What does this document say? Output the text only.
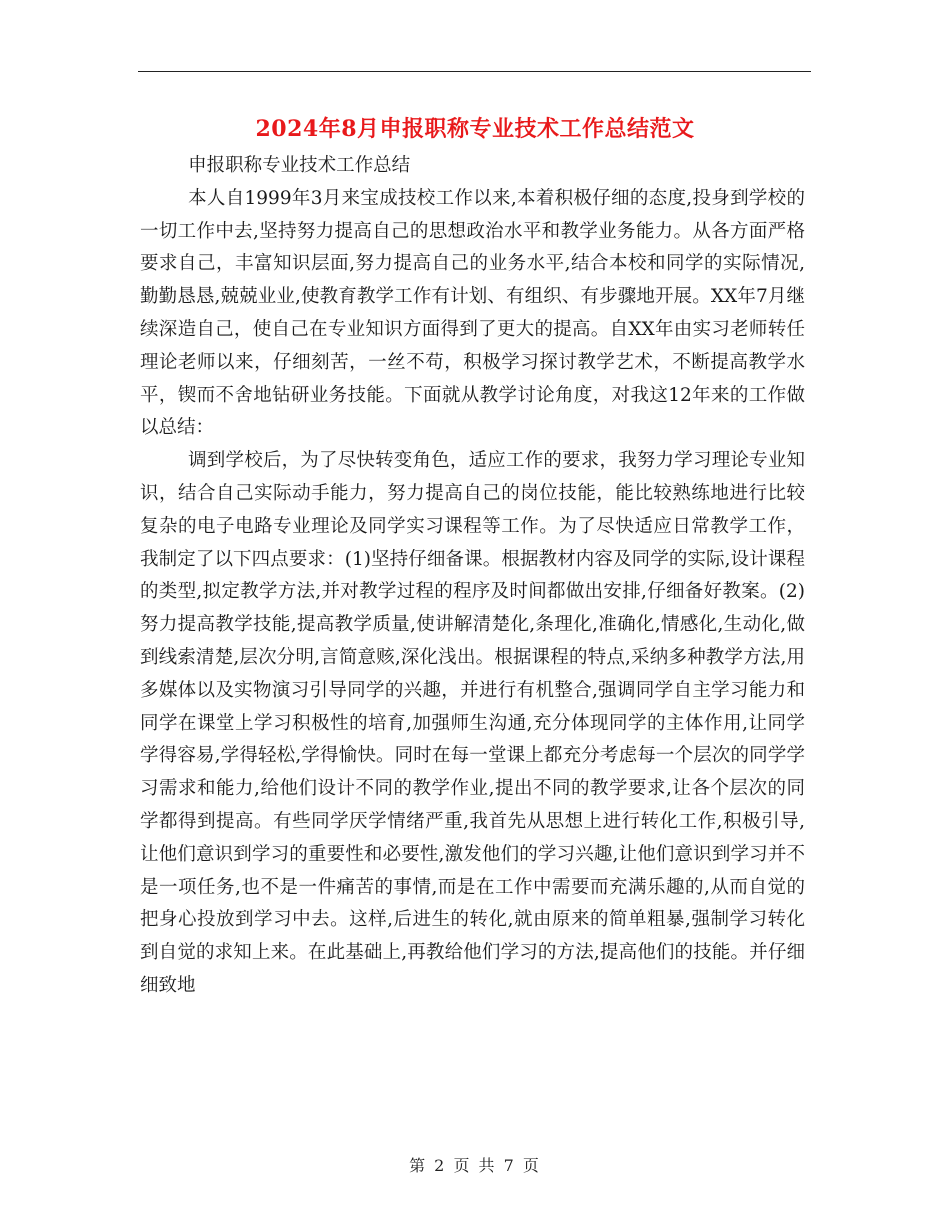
2024年8月申报职称专业技术工作总结范文

申报职称专业技术工作总结

本人自1999年3月来宝成技校工作以来,本着积极仔细的态度,投身到学校的一切工作中去,坚持努力提高自己的思想政治水平和教学业务能力。从各方面严格要求自己，丰富知识层面,努力提高自己的业务水平,结合本校和同学的实际情况,勤勤恳恳,兢兢业业,使教育教学工作有计划、有组织、有步骤地开展。XX年7月继续深造自己，使自己在专业知识方面得到了更大的提高。自XX年由实习老师转任理论老师以来，仔细刻苦，一丝不苟，积极学习探讨教学艺术，不断提高教学水平，锲而不舍地钻研业务技能。下面就从教学讨论角度，对我这12年来的工作做以总结：

调到学校后，为了尽快转变角色，适应工作的要求，我努力学习理论专业知识，结合自己实际动手能力，努力提高自己的岗位技能，能比较熟练地进行比较复杂的电子电路专业理论及同学实习课程等工作。为了尽快适应日常教学工作，我制定了以下四点要求：(1)坚持仔细备课。根据教材内容及同学的实际,设计课程的类型,拟定教学方法,并对教学过程的程序及时间都做出安排,仔细备好教案。(2)努力提高教学技能,提高教学质量,使讲解清楚化,条理化,准确化,情感化,生动化,做到线索清楚,层次分明,言简意赅,深化浅出。根据课程的特点,采纳多种教学方法,用多媒体以及实物演习引导同学的兴趣，并进行有机整合,强调同学自主学习能力和同学在课堂上学习积极性的培育,加强师生沟通,充分体现同学的主体作用,让同学学得容易,学得轻松,学得愉快。同时在每一堂课上都充分考虑每一个层次的同学学习需求和能力,给他们设计不同的教学作业,提出不同的教学要求,让各个层次的同学都得到提高。有些同学厌学情绪严重,我首先从思想上进行转化工作,积极引导,让他们意识到学习的重要性和必要性,激发他们的学习兴趣,让他们意识到学习并不是一项任务,也不是一件痛苦的事情,而是在工作中需要而充满乐趣的,从而自觉的把身心投放到学习中去。这样,后进生的转化,就由原来的简单粗暴,强制学习转化到自觉的求知上来。在此基础上,再教给他们学习的方法,提高他们的技能。并仔细细致地

第 2 页 共 7 页
